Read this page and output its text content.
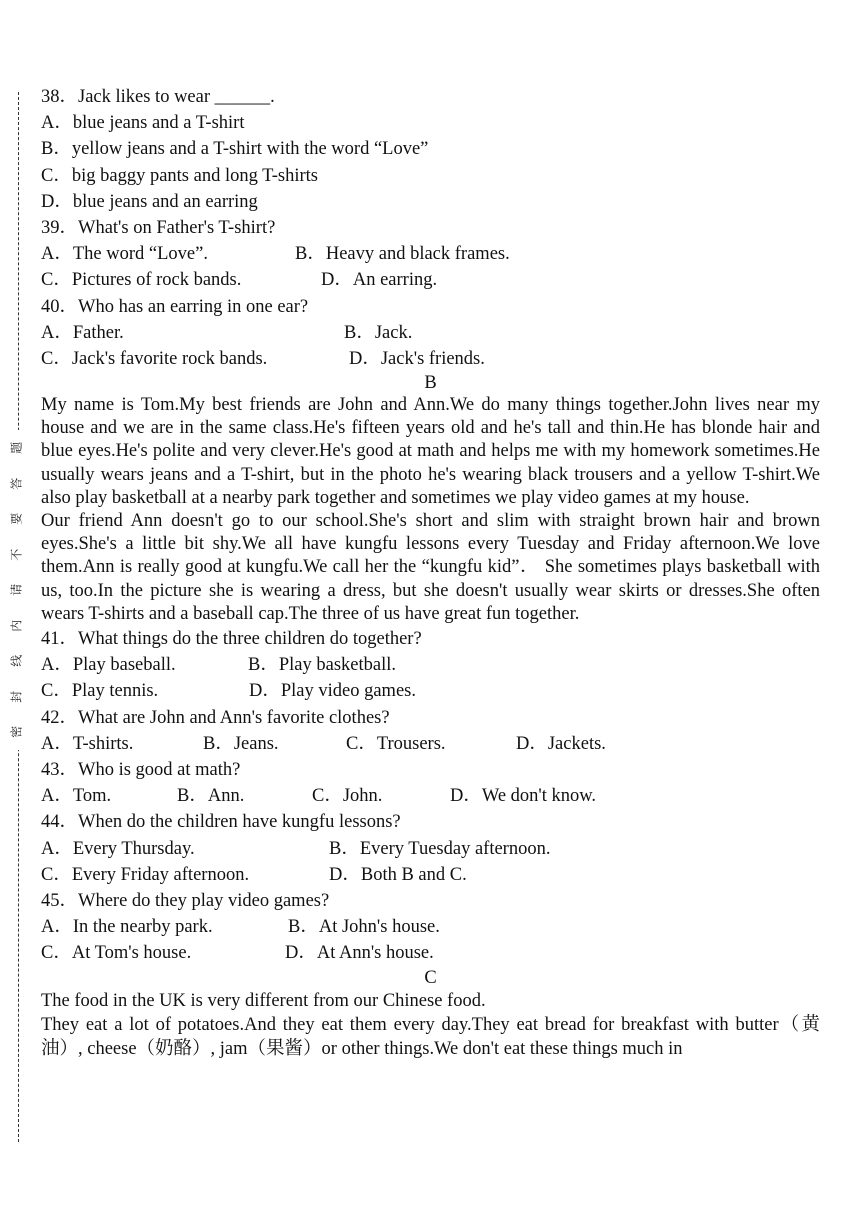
题
答
要
不
请
内
线
封
密
38．Jack likes to wear ______.
A．blue jeans and a T-shirt
B．yellow jeans and a T-shirt with the word “Love”
C．big baggy pants and long T-shirts
D．blue jeans and an earring
39．What's on Father's T-shirt?
A．The word “Love”.	B．Heavy and black frames.
C．Pictures of rock bands.	D．An earring.
40．Who has an earring in one ear?
A．Father.	B．Jack.
C．Jack's favorite rock bands.	D．Jack's friends.
B

My name is Tom.My best friends are John and Ann.We do many things together.John lives near my house and we are in the same class.He's fifteen years old and he's tall and thin.He has blonde hair and blue eyes.He's polite and very clever.He's good at math and helps me with my homework sometimes.He usually wears jeans and a T-shirt, but in the photo he's wearing black trousers and a yellow T-shirt.We also play basketball at a nearby park together and sometimes we play video games at my house.

Our friend Ann doesn't go to our school.She's short and slim with straight brown hair and brown eyes.She's a little bit shy.We all have kungfu lessons every Tuesday and Friday afternoon.We love them.Ann is really good at kungfu.We call her the “kungfu kid”． She sometimes plays basketball with us, too.In the picture she is wearing a dress, but she doesn't usually wear skirts or dresses.She often wears T-shirts and a baseball cap.The three of us have great fun together.

41．What things do the three children do together?
A．Play baseball.	B．Play basketball.
C．Play tennis.	D．Play video games.
42．What are John and Ann's favorite clothes?
A．T-shirts.	B．Jeans.	C．Trousers.	D．Jackets.
43．Who is good at math?
A．Tom.	B．Ann.	C．John.	D．We don't know.
44．When do the children have kungfu lessons?
A．Every Thursday.	B．Every Tuesday afternoon.
C．Every Friday afternoon.	D．Both B and C.
45．Where do they play video games?
A．In the nearby park.	B．At John's house.
C．At Tom's house.	D．At Ann's house.
C

The food in the UK is very different from our Chinese food.

They eat a lot of potatoes.And they eat them every day.They eat bread for breakfast with butter（黄油）, cheese（奶酪）, jam（果酱）or other things.We don't eat these things much in
